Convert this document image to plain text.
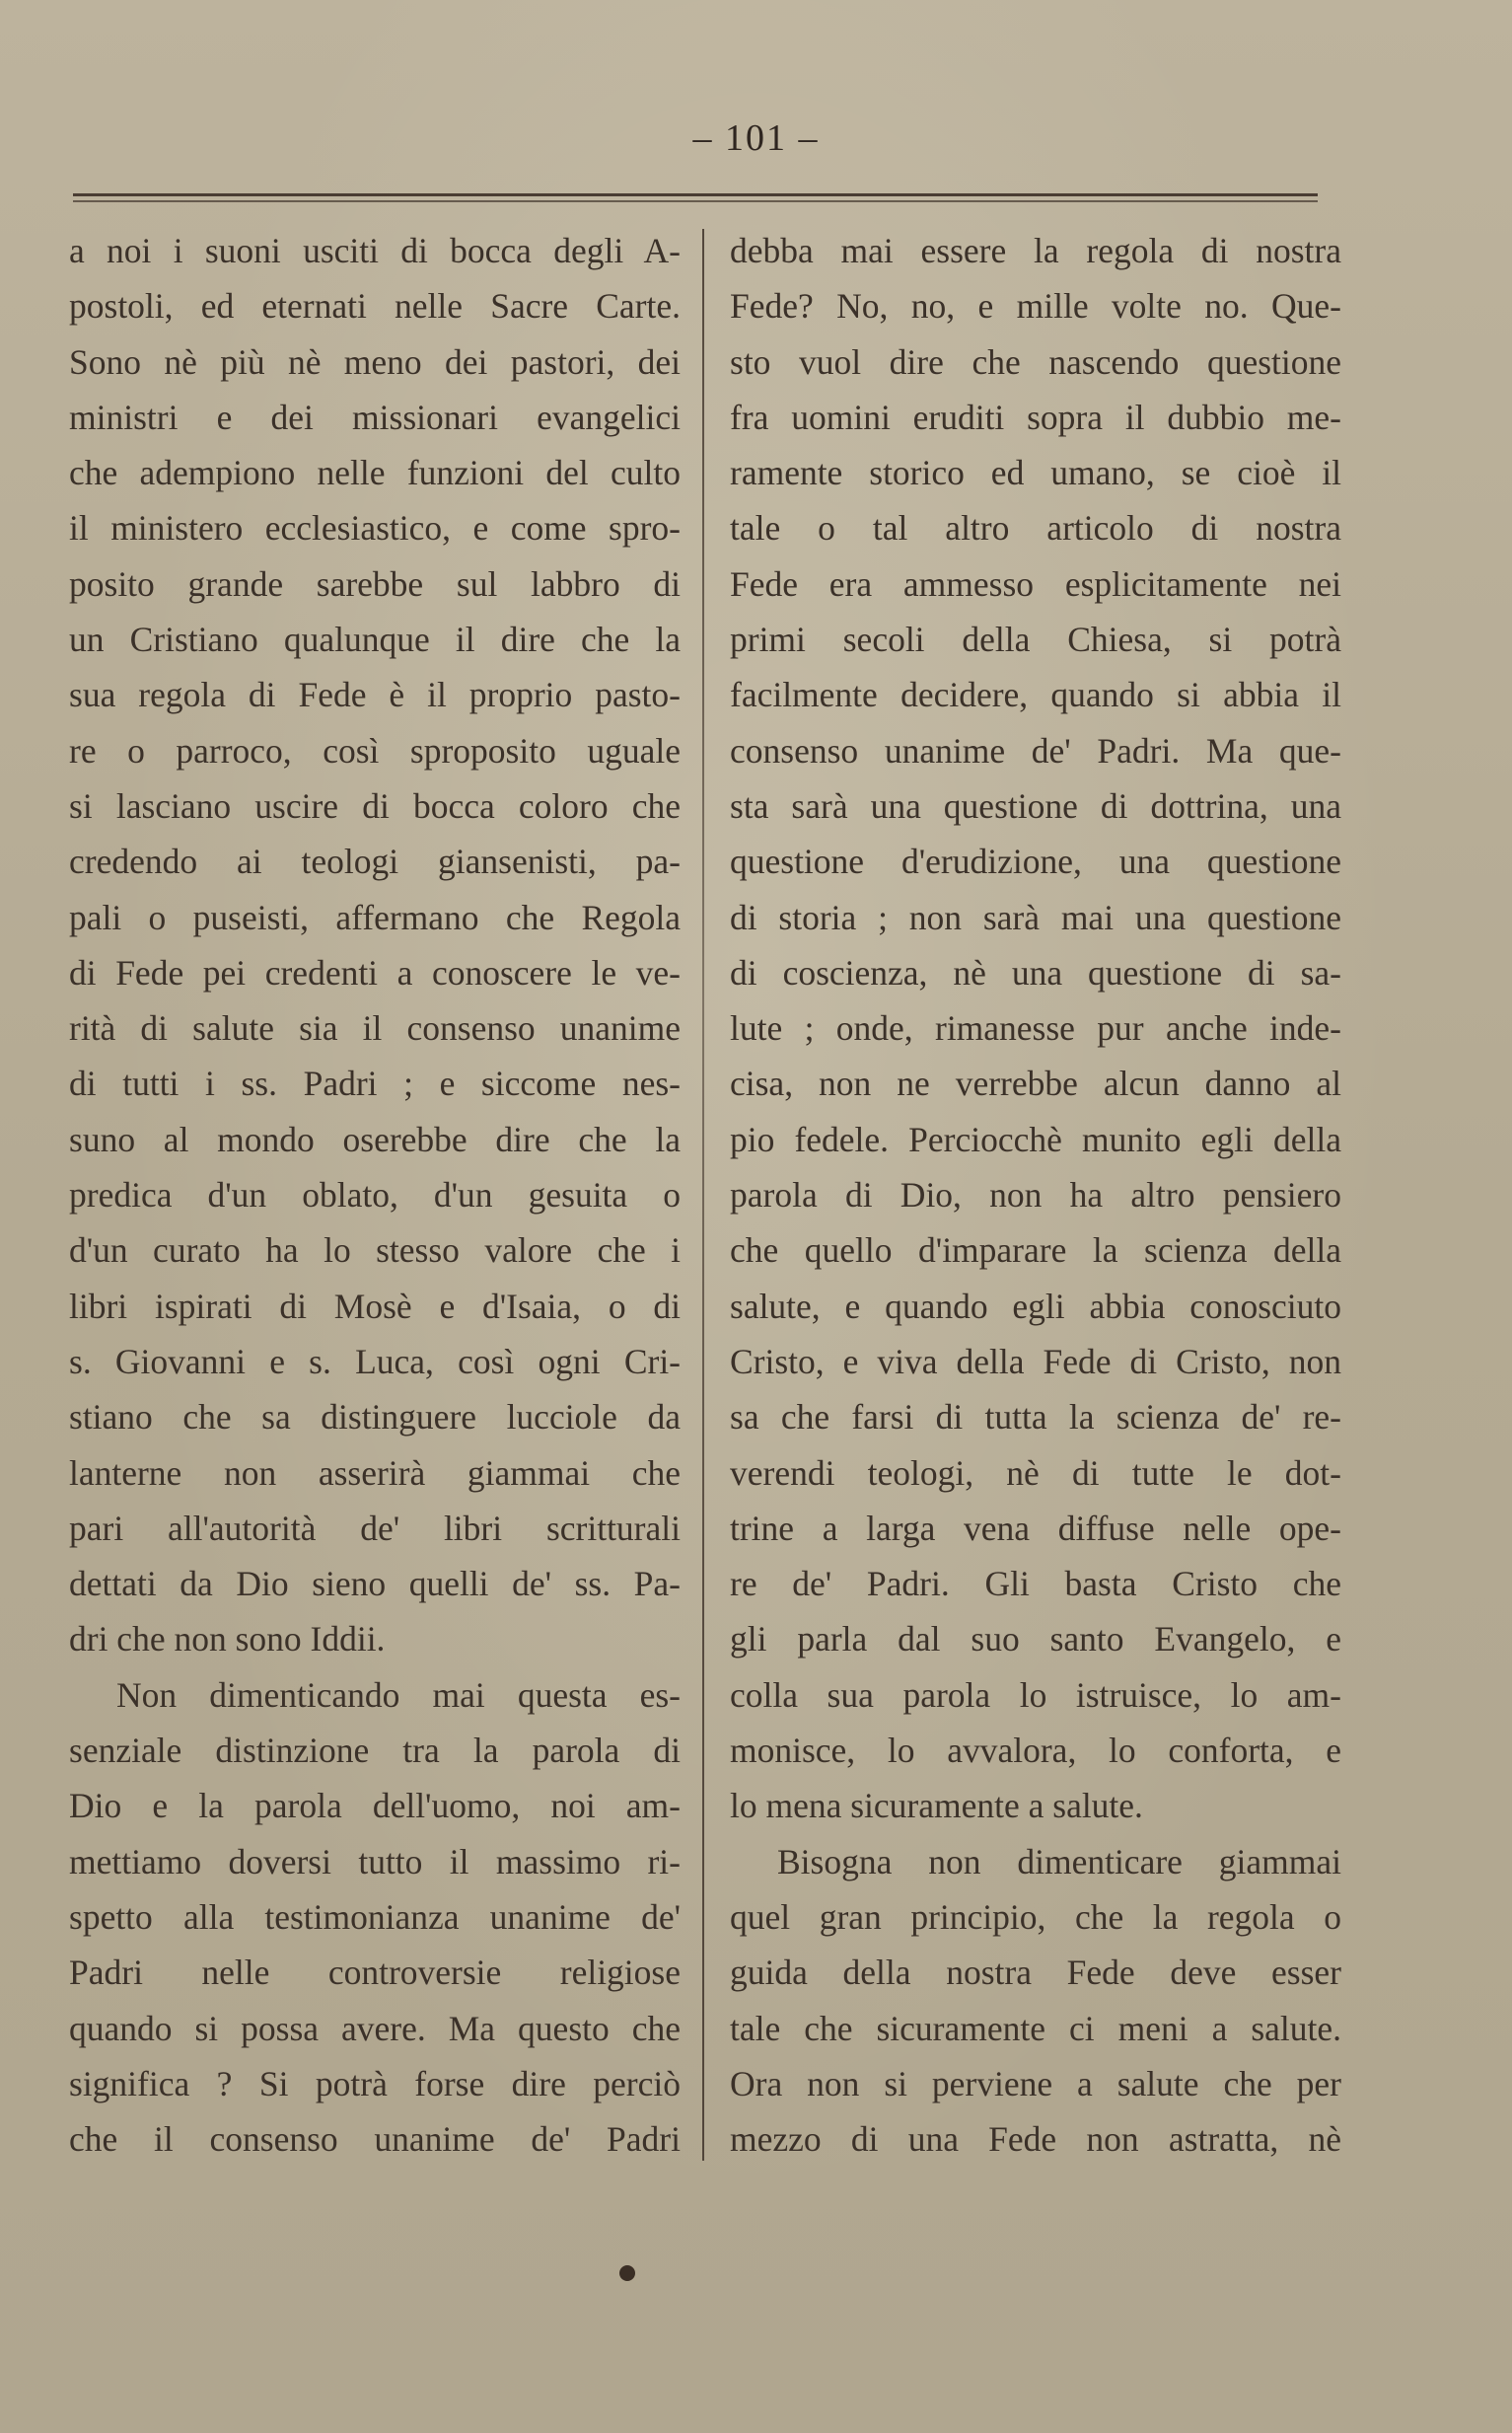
– 101 –
a noi i suoni usciti di bocca degli A-
postoli, ed eternati nelle Sacre Carte.
Sono nè più nè meno dei pastori, dei
ministri e dei missionari evangelici
che adempiono nelle funzioni del culto
il ministero ecclesiastico, e come spro-
posito grande sarebbe sul labbro di
un Cristiano qualunque il dire che la
sua regola di Fede è il proprio pasto-
re o parroco, così sproposito uguale
si lasciano uscire di bocca coloro che
credendo ai teologi giansenisti, pa-
pali o puseisti, affermano che Regola
di Fede pei credenti a conoscere le ve-
rità di salute sia il consenso unanime
di tutti i ss. Padri ; e siccome nes-
suno al mondo oserebbe dire che la
predica d'un oblato, d'un gesuita o
d'un curato ha lo stesso valore che i
libri ispirati di Mosè e d'Isaia, o di
s. Giovanni e s. Luca, così ogni Cri-
stiano che sa distinguere lucciole da
lanterne non asserirà giammai che
pari all'autorità de' libri scritturali
dettati da Dio sieno quelli de' ss. Pa-
dri che non sono Iddii.
Non dimenticando mai questa es-
senziale distinzione tra la parola di
Dio e la parola dell'uomo, noi am-
mettiamo doversi tutto il massimo ri-
spetto alla testimonianza unanime de'
Padri nelle controversie religiose
quando si possa avere. Ma questo che
significa ? Si potrà forse dire perciò
che il consenso unanime de' Padri
debba mai essere la regola di nostra
Fede? No, no, e mille volte no. Que-
sto vuol dire che nascendo questione
fra uomini eruditi sopra il dubbio me-
ramente storico ed umano, se cioè il
tale o tal altro articolo di nostra
Fede era ammesso esplicitamente nei
primi secoli della Chiesa, si potrà
facilmente decidere, quando si abbia il
consenso unanime de' Padri. Ma que-
sta sarà una questione di dottrina, una
questione d'erudizione, una questione
di storia ; non sarà mai una questione
di coscienza, nè una questione di sa-
lute ; onde, rimanesse pur anche inde-
cisa, non ne verrebbe alcun danno al
pio fedele. Perciocchè munito egli della
parola di Dio, non ha altro pensiero
che quello d'imparare la scienza della
salute, e quando egli abbia conosciuto
Cristo, e viva della Fede di Cristo, non
sa che farsi di tutta la scienza de' re-
verendi teologi, nè di tutte le dot-
trine a larga vena diffuse nelle ope-
re de' Padri. Gli basta Cristo che
gli parla dal suo santo Evangelo, e
colla sua parola lo istruisce, lo am-
monisce, lo avvalora, lo conforta, e
lo mena sicuramente a salute.
Bisogna non dimenticare giammai
quel gran principio, che la regola o
guida della nostra Fede deve esser
tale che sicuramente ci meni a salute.
Ora non si perviene a salute che per
mezzo di una Fede non astratta, nè
